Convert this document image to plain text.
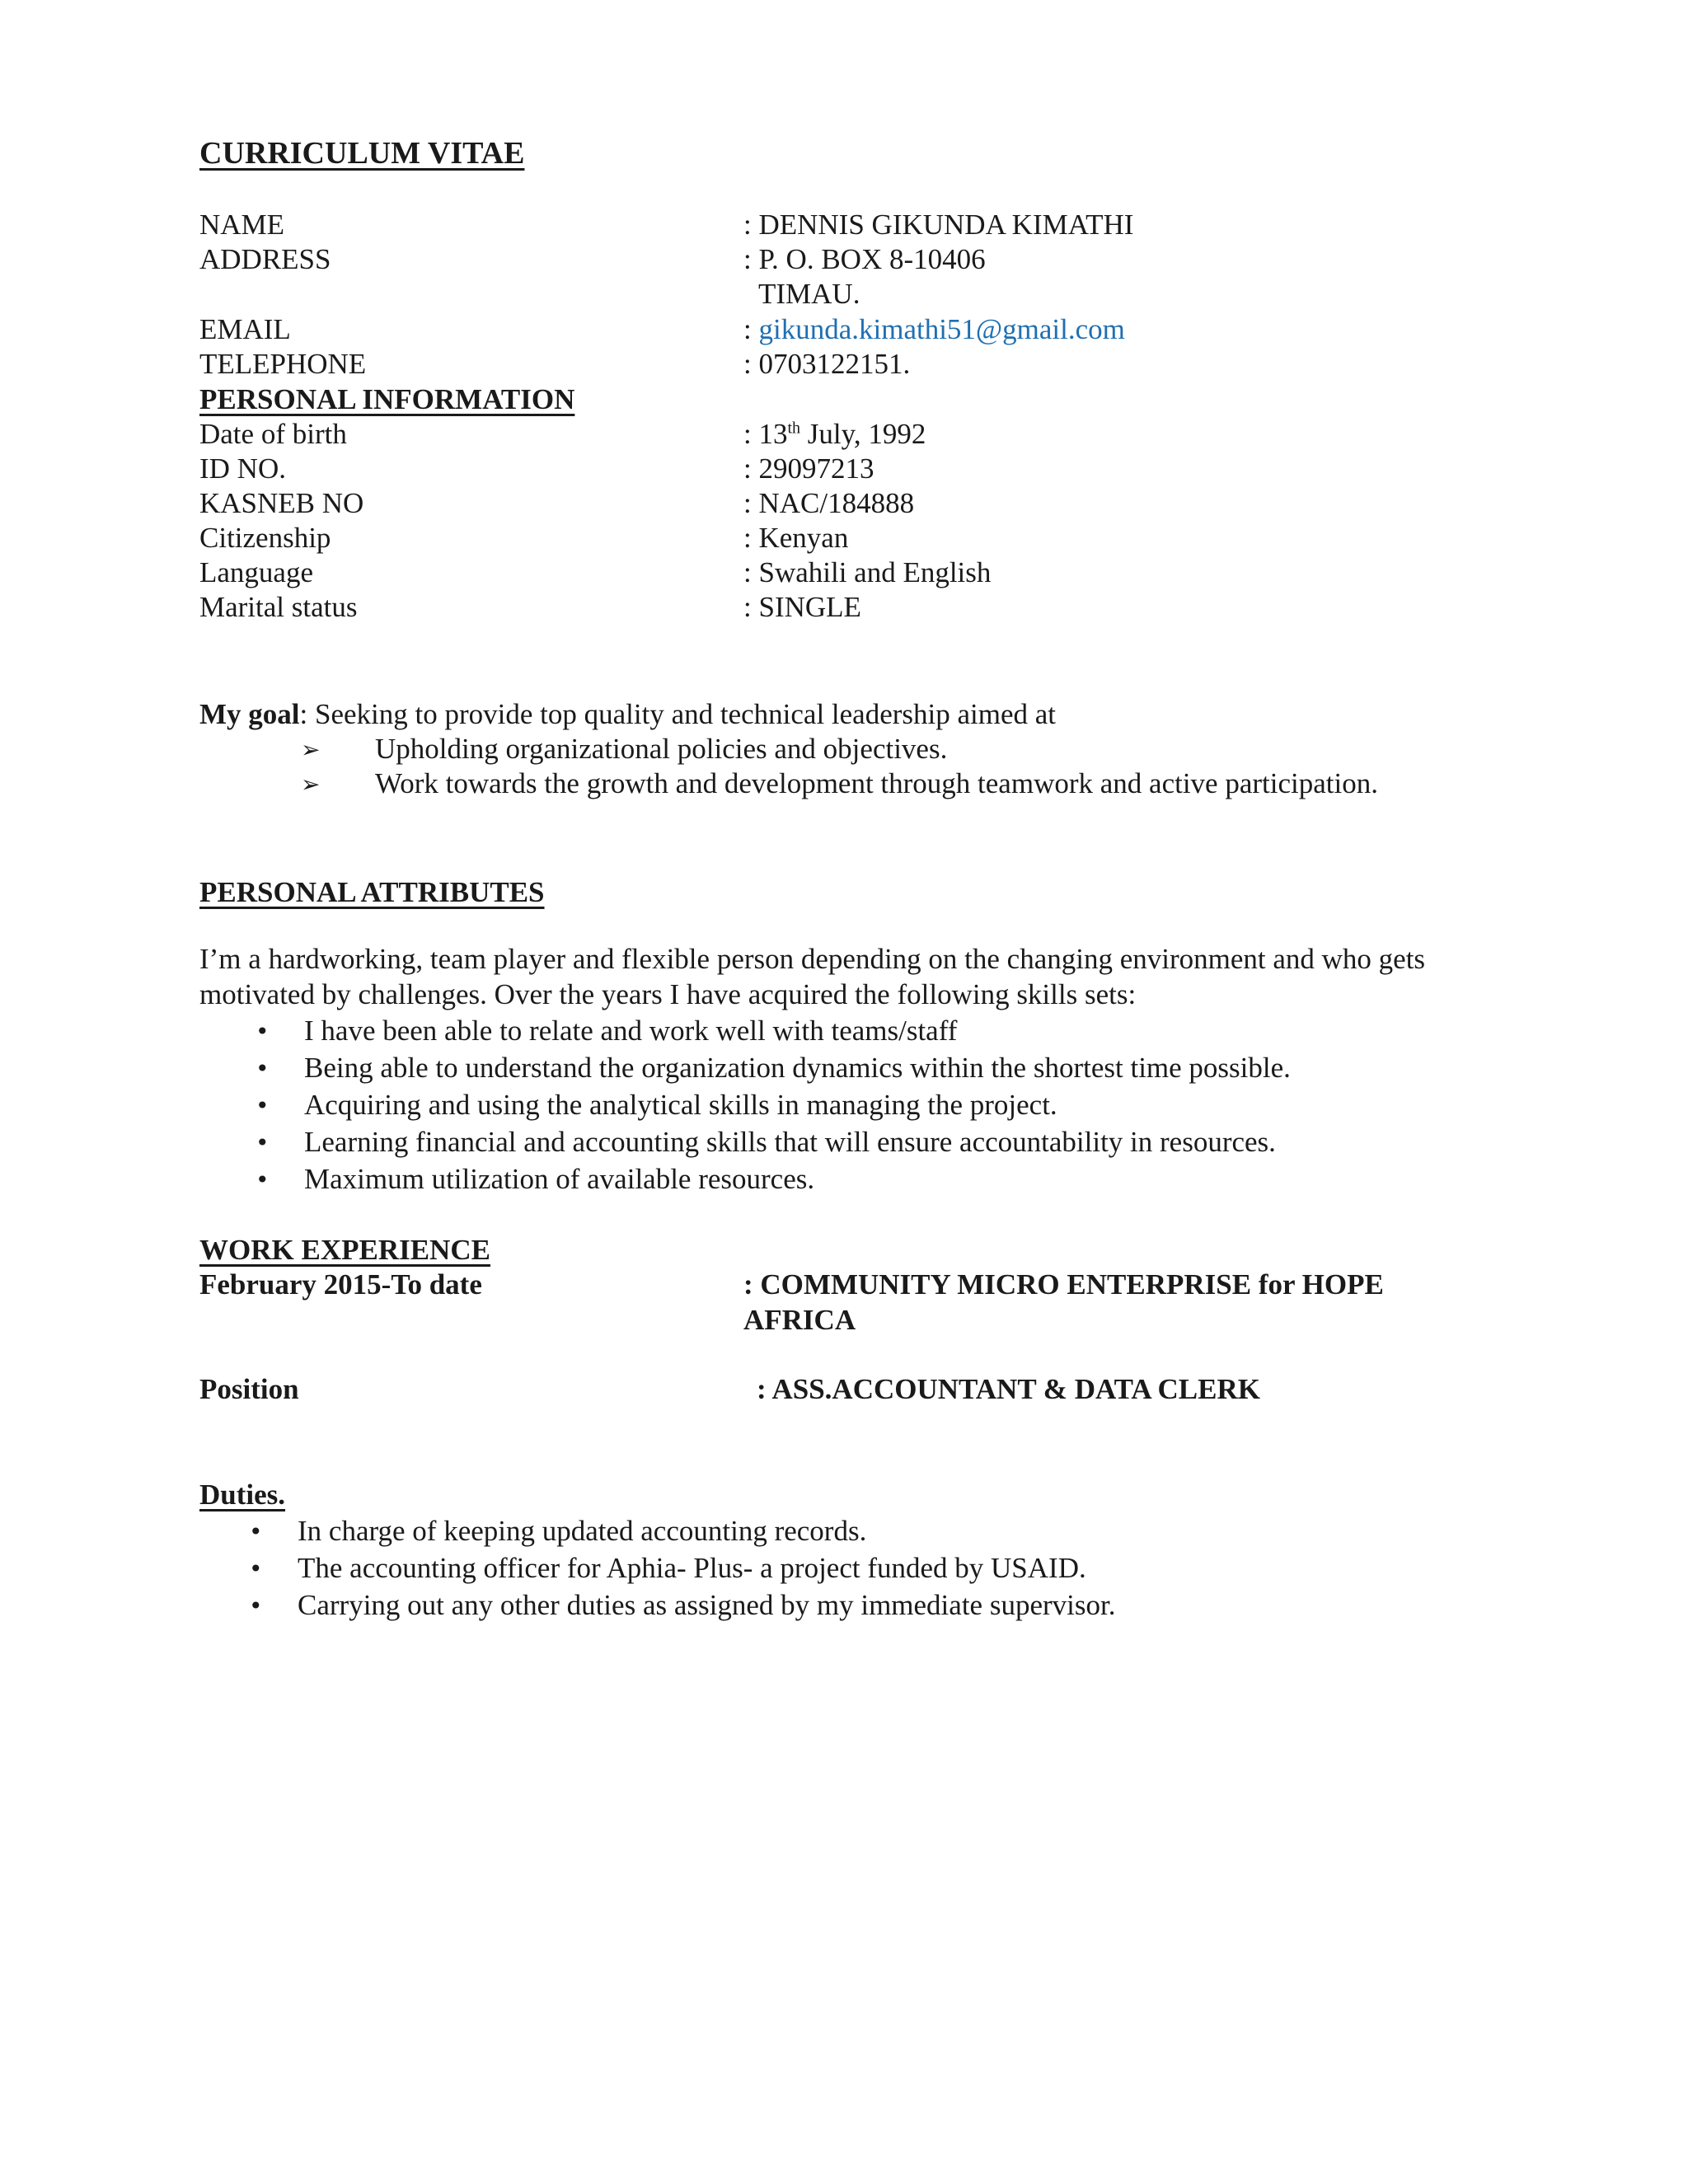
CURRICULUM VITAE
NAME	: DENNIS GIKUNDA KIMATHI
ADDRESS	: P. O. BOX 8-10406
TIMAU.
EMAIL	: gikunda.kimathi51@gmail.com
TELEPHONE	: 0703122151.
PERSONAL INFORMATION
Date of birth	: 13th July, 1992
ID NO.	: 29097213
KASNEB NO	: NAC/184888
Citizenship	: Kenyan
Language	: Swahili and English
Marital status	: SINGLE
My goal: Seeking to provide top quality and technical leadership aimed at
➢ Upholding organizational policies and objectives.
➢ Work towards the growth and development through teamwork and active participation.
PERSONAL ATTRIBUTES
I’m a hardworking, team player and flexible person depending on the changing environment and who gets
motivated by challenges. Over the years I have acquired the following skills sets:
• I have been able to relate and work well with teams/staff
• Being able to understand the organization dynamics within the shortest time possible.
• Acquiring and using the analytical skills in managing the project.
• Learning financial and accounting skills that will ensure accountability in resources.
• Maximum utilization of available resources.
WORK EXPERIENCE
February 2015-To date	: COMMUNITY MICRO ENTERPRISE for HOPE
AFRICA
Position	: ASS.ACCOUNTANT & DATA CLERK
Duties.
• In charge of keeping updated accounting records.
• The accounting officer for Aphia- Plus- a project funded by USAID.
• Carrying out any other duties as assigned by my immediate supervisor.
